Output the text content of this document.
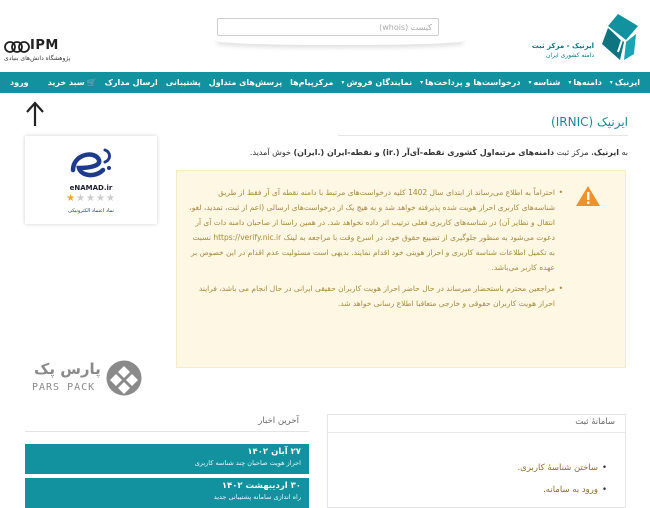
IPM
پژوهشگاه دانش‌های بنیادی
کیست (whois)
ایرنیک - مرکز ثبت
دامنه کشوری ایران
ایرنیک
▾
دامنه‌ها
▾
شناسه
▾
درخواست‌ها و پرداخت‌ها
▾
نمایندگان فروش
▾
مرکزپیام‌ها
پرسش‌های متداول
پشتیبانی
ارسال مدارک
🛒
سبد خرید
ورود
ایرنیک (IRNIC)
به ایرنیک، مرکز ثبت دامنه‌های مرتبه‌اول کشوری نقطه-آی‌آر (.ir) و نقطه-ایران (.ایران) خوش آمدید.
eNAMAD.ir
★★★★★
نماد اعتماد الکترونیکی
• احتراماً به اطلاع می‌رساند از ابتدای سال 1402 کلیه درخواست‌های مرتبط با دامنه نقطه آی آر فقط از طریق شناسه‌های کاربری احراز هویت شده پذیرفته خواهد شد و به هیچ یک از درخواست‌های ارسالی (اعم از ثبت، تمدید، لغو، انتقال و نظایر آن) در شناسه‌های کاربری فعلی ترتیب اثر داده نخواهد شد. در همین راستا از صاحبان دامنه دات آی آر دعوت می‌شود به منظور جلوگیری از تضییع حقوق خود، در اسرع وقت با مراجعه به لینک https://verify.nic.ir نسبت به تکمیل اطلاعات شناسه کاربری و احراز هویتی خود اقدام نمایند. بدیهی است مسئولیت عدم اقدام در این خصوص بر عهده کاربر می‌باشد.
• مراجعین محترم باستحضار میرساند در حال حاضر احراز هویت کاربران حقیقی ایرانی در حال انجام می باشد، فرایند احراز هویت کاربران حقوقی و خارجی متعاقبا اطلاع رسانی خواهد شد.
پارس پک
PARS PACK
آخرین اخبار
۲۷ آبان ۱۴۰۲
احراز هویت صاحبان چند شناسه کاربری
۳۰ اردیبهشت ۱۴۰۲
راه اندازی سامانه پشتیبانی جدید
سامانهٔ ثبت
• ساختن شناسهٔ کاربری.
• ورود به سامانه.
